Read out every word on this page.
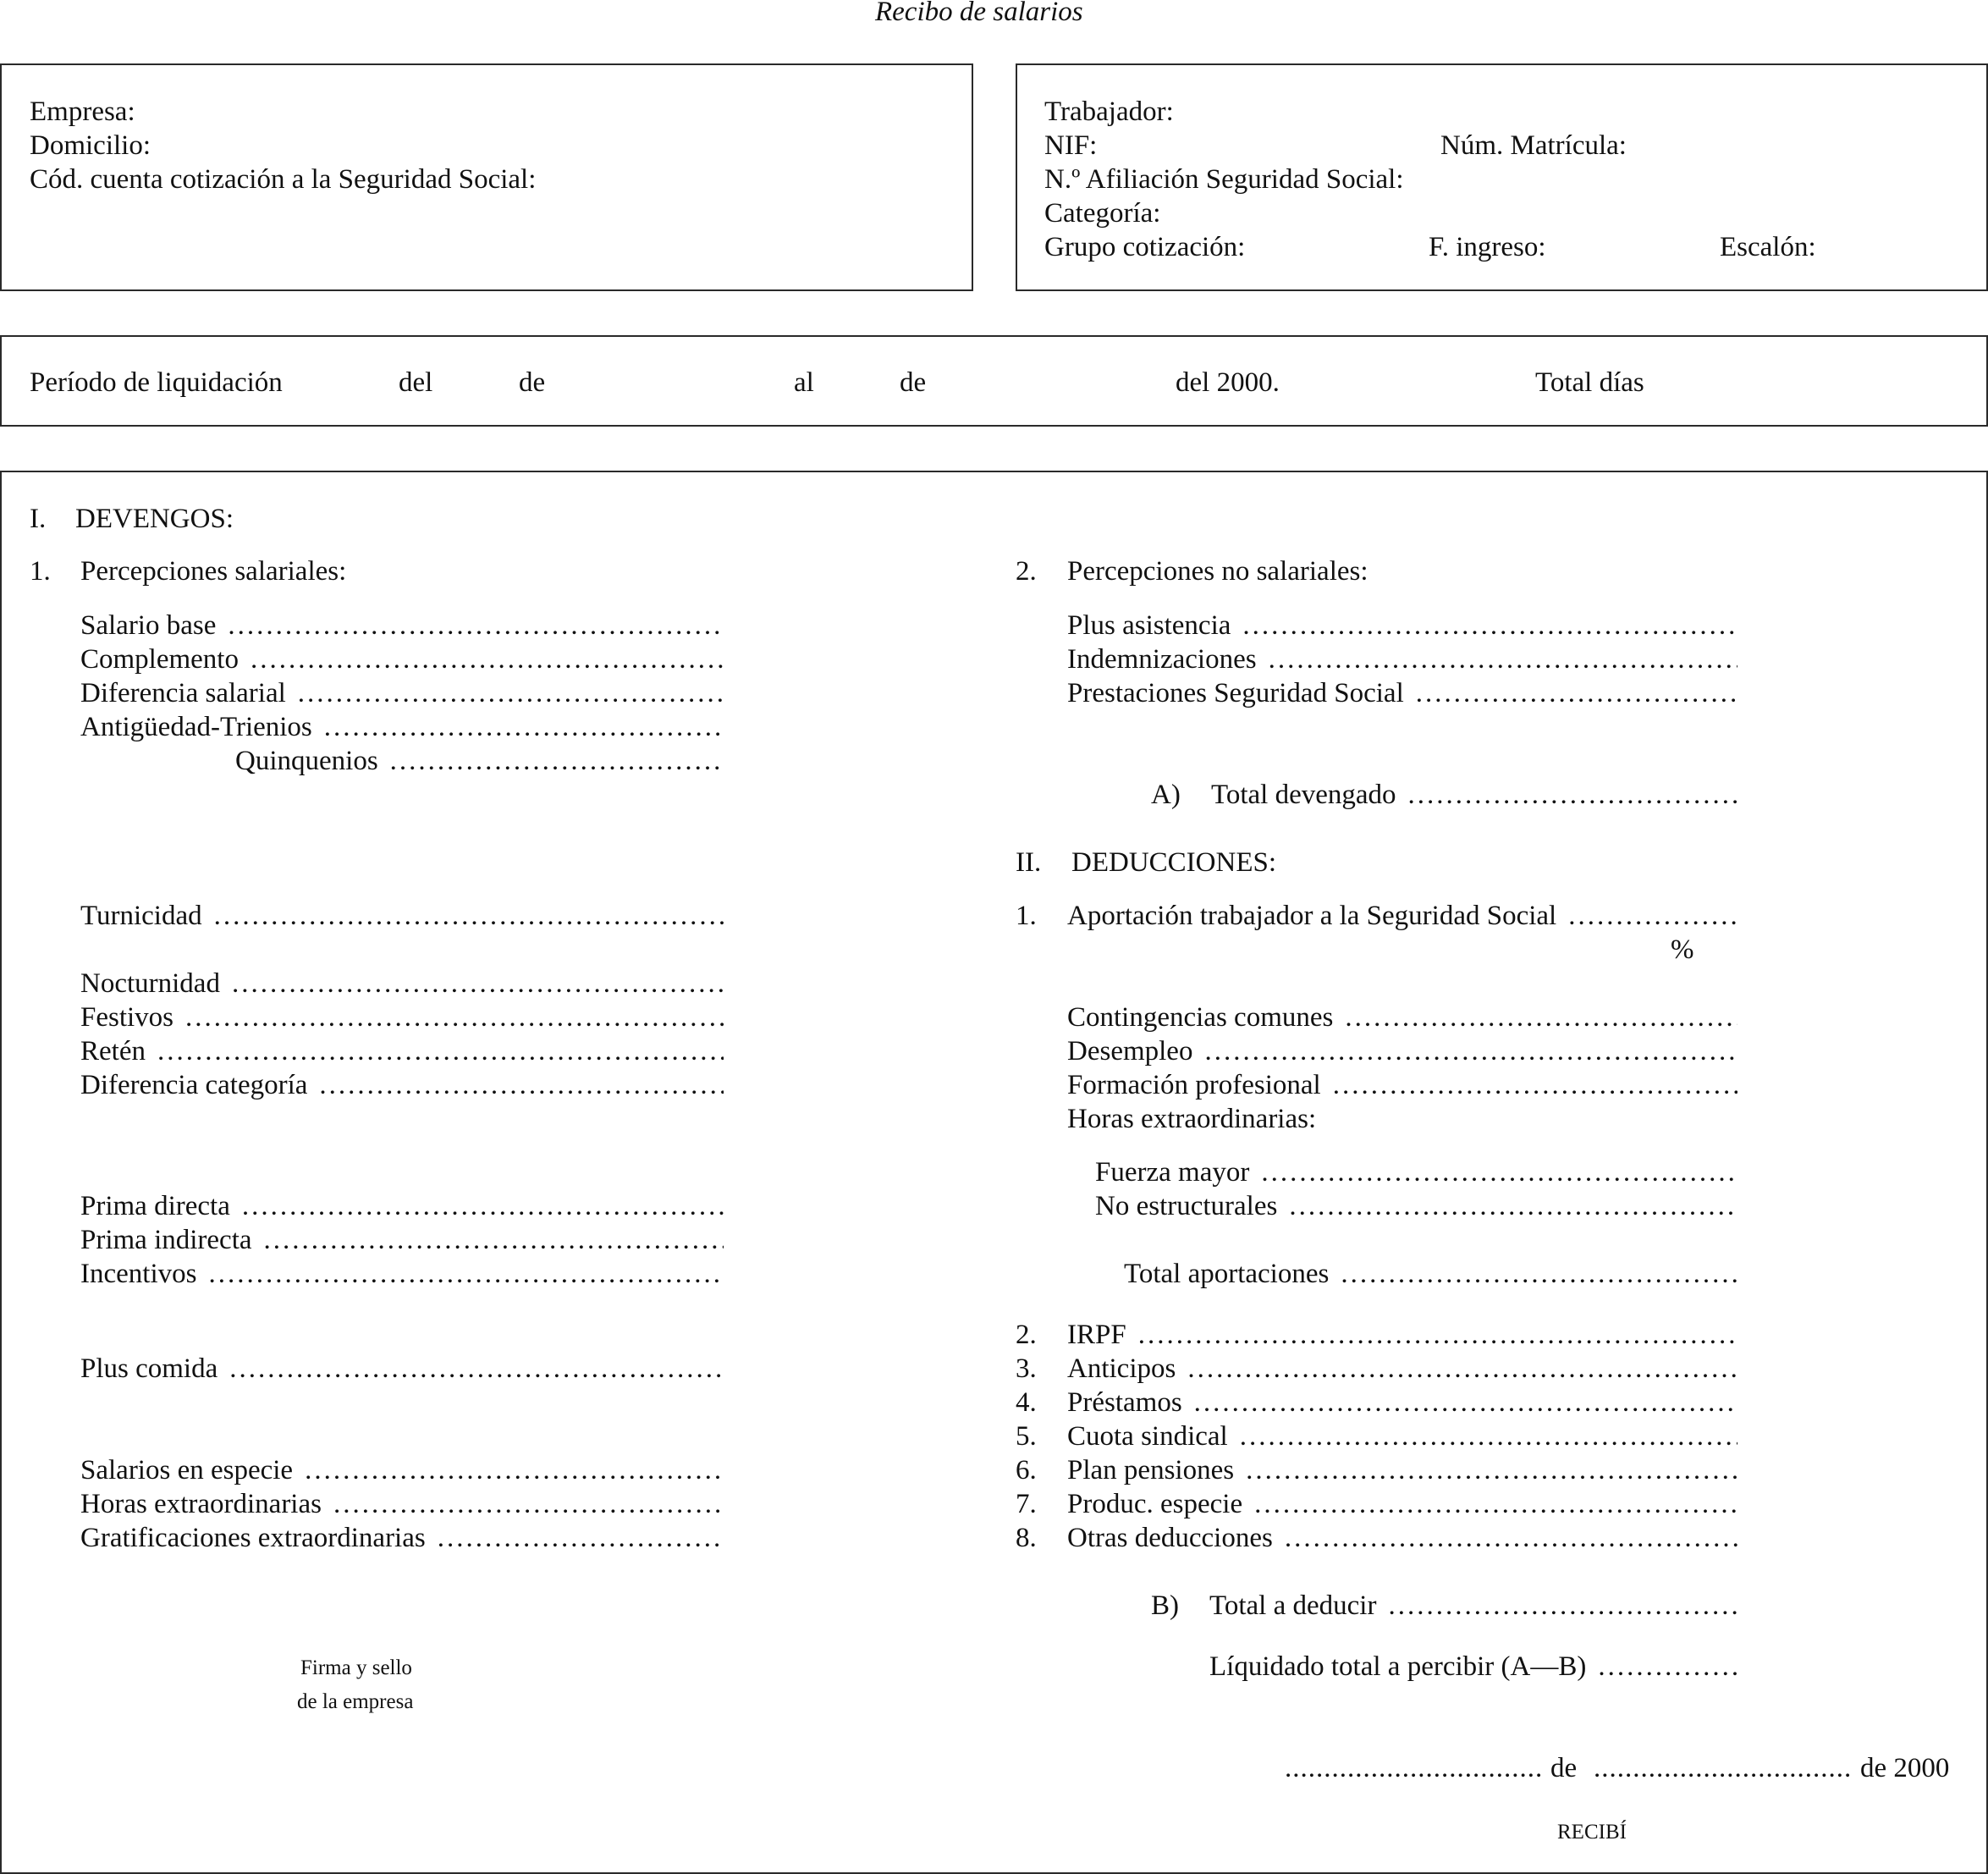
Recibo de salarios
Empresa:
Domicilio:
Cód. cuenta cotización a la Seguridad Social:
Trabajador:
NIF:	Núm. Matrícula:
N.º Afiliación Seguridad Social:
Categoría:
Grupo cotización:	F. ingreso:	Escalón:
Período de liquidación	del	de	al	de	del 2000.	Total días
I. DEVENGOS:
1. Percepciones salariales:
Salario base
.....
Complemento
.....
Diferencia salarial
.....
Antigüedad-Trienios
.....
Quinquenios
.....
Turnicidad
.....
Nocturnidad
.....
Festivos
.....
Retén
.....
Diferencia categoría
.....
Prima directa
.....
Prima indirecta
.....
Incentivos
.....
Plus comida
.....
Salarios en especie
.....
Horas extraordinarias
.....
Gratificaciones extraordinarias
.....
Firma y sello
de la empresa
2. Percepciones no salariales:
Plus asistencia
.....
Indemnizaciones
.....
Prestaciones Seguridad Social
.....
A) Total devengado
.....
II. DEDUCCIONES:
1. Aportación trabajador a la Seguridad Social
.....
%
Contingencias comunes
.....
Desempleo
.....
Formación profesional
.....
Horas extraordinarias:
Fuerza mayor
.....
No estructurales
.....
Total aportaciones
.....
2. IRPF
.....
3. Anticipos
.....
4. Préstamos
.....
5. Cuota sindical
.....
6. Plan pensiones
.....
7. Produc. especie
.....
8. Otras deducciones
.....
B) Total a deducir
.....
Líquidado total a percibir (A—B)
.....
.....
de
.....	de 2000
RECIBÍ
